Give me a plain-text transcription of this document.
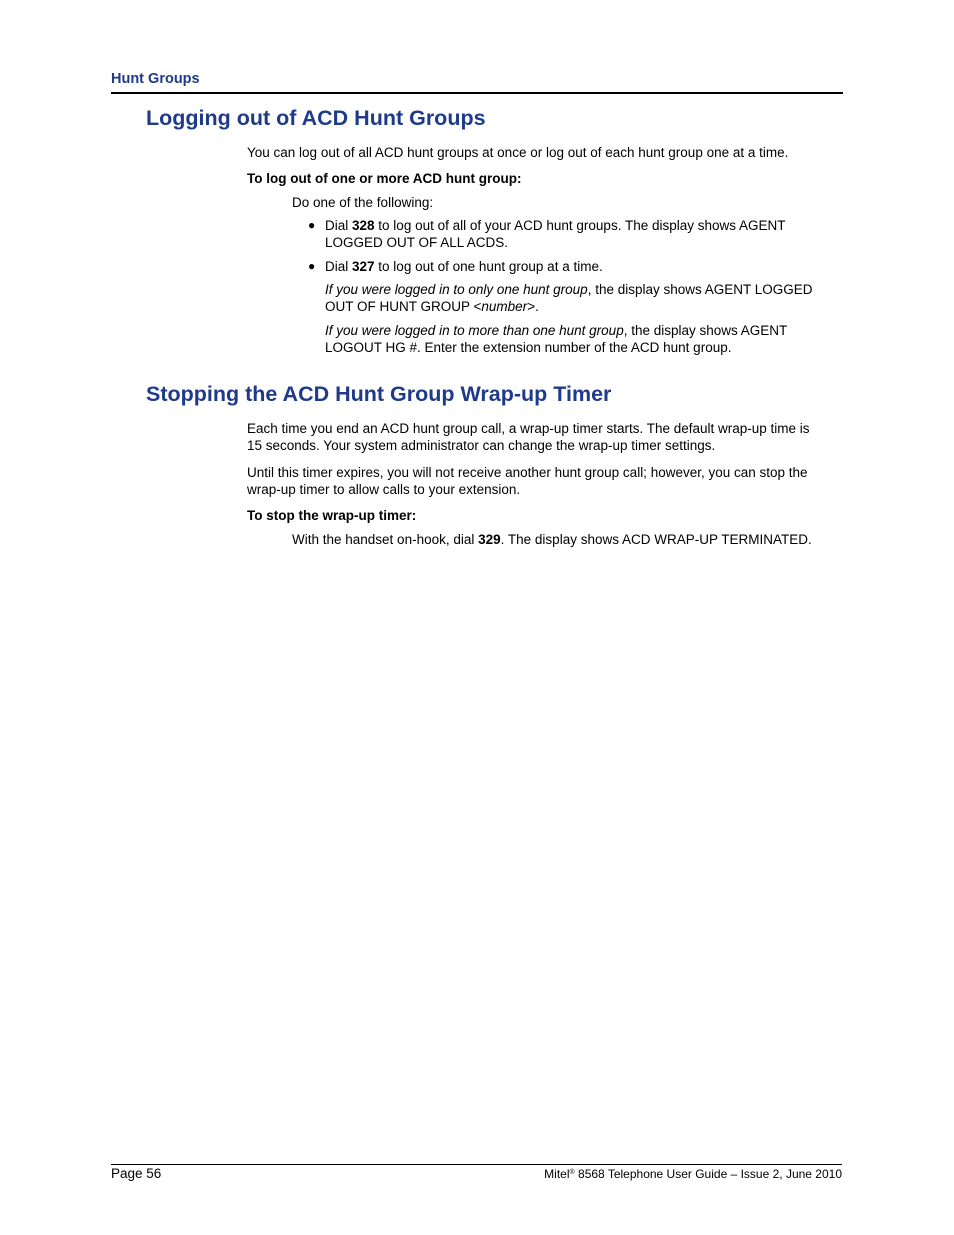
Hunt Groups
Logging out of ACD Hunt Groups

You can log out of all ACD hunt groups at once or log out of each hunt group one at a time.

To log out of one or more ACD hunt group:

Do one of the following:

● Dial 328 to log out of all of your ACD hunt groups. The display shows AGENT
LOGGED OUT OF ALL ACDS.

● Dial 327 to log out of one hunt group at a time.

If you were logged in to only one hunt group, the display shows AGENT LOGGED
OUT OF HUNT GROUP <number>.

If you were logged in to more than one hunt group, the display shows AGENT
LOGOUT HG #. Enter the extension number of the ACD hunt group.

Stopping the ACD Hunt Group Wrap-up Timer

Each time you end an ACD hunt group call, a wrap-up timer starts. The default wrap-up time is
15 seconds. Your system administrator can change the wrap-up timer settings.

Until this timer expires, you will not receive another hunt group call; however, you can stop the
wrap-up timer to allow calls to your extension.

To stop the wrap-up timer:

With the handset on-hook, dial 329. The display shows ACD WRAP-UP TERMINATED.

Page 56	Mitel® 8568 Telephone User Guide – Issue 2, June 2010
